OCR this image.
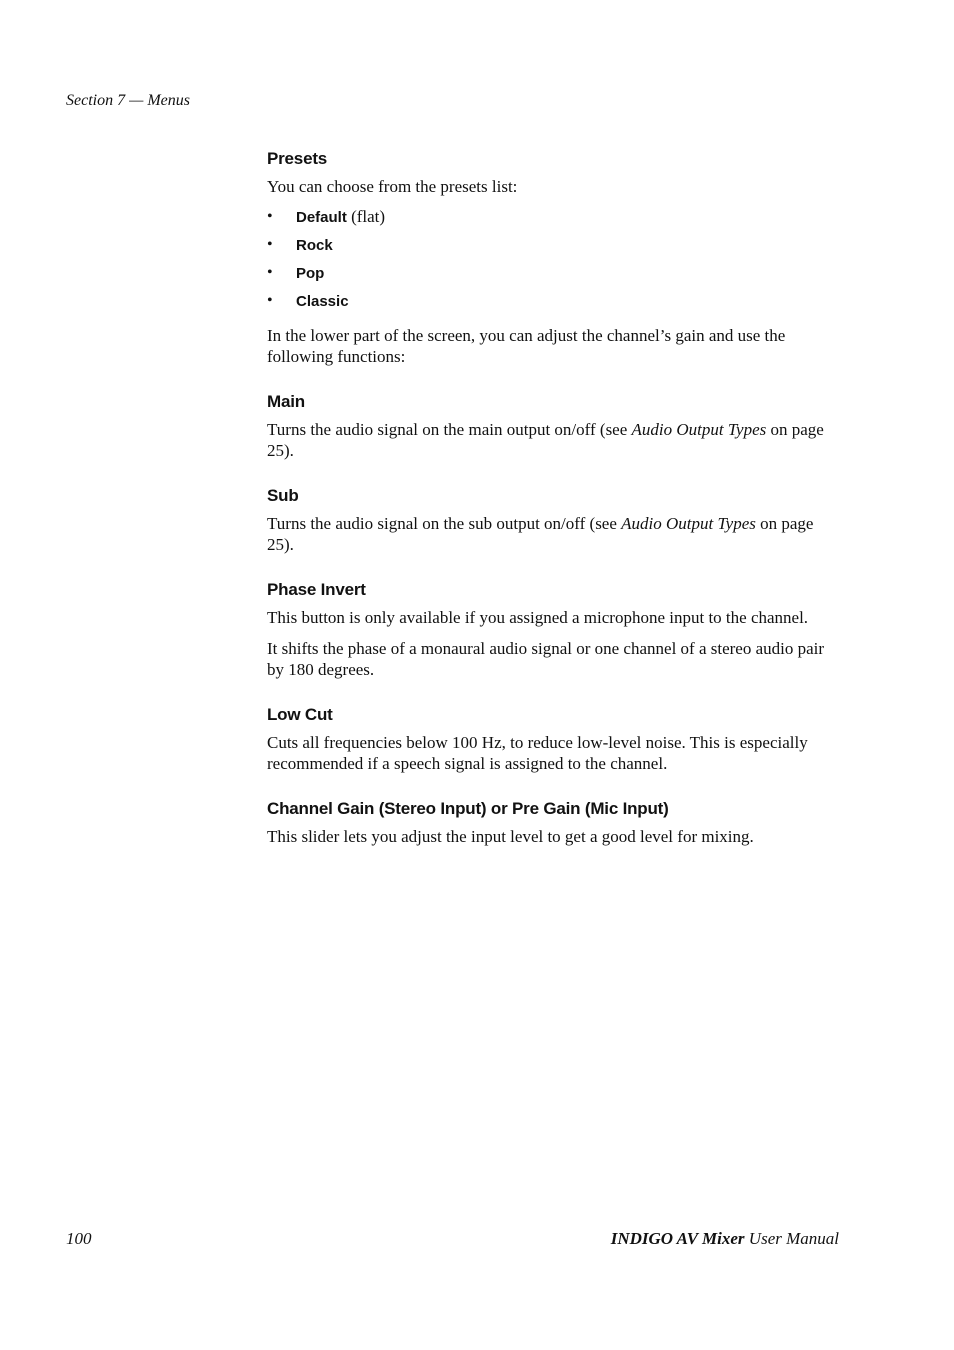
Section 7 — Menus
Presets

You can choose from the presets list:

• Default (flat)
• Rock
• Pop
• Classic

In the lower part of the screen, you can adjust the channel’s gain and use the following functions:

Main

Turns the audio signal on the main output on/off (see Audio Output Types on page 25).

Sub

Turns the audio signal on the sub output on/off (see Audio Output Types on page 25).

Phase Invert

This button is only available if you assigned a microphone input to the channel.

It shifts the phase of a monaural audio signal or one channel of a stereo audio pair by 180 degrees.

Low Cut

Cuts all frequencies below 100 Hz, to reduce low-level noise. This is especially recommended if a speech signal is assigned to the channel.

Channel Gain (Stereo Input) or Pre Gain (Mic Input)

This slider lets you adjust the input level to get a good level for mixing.

100	INDIGO AV Mixer User Manual
